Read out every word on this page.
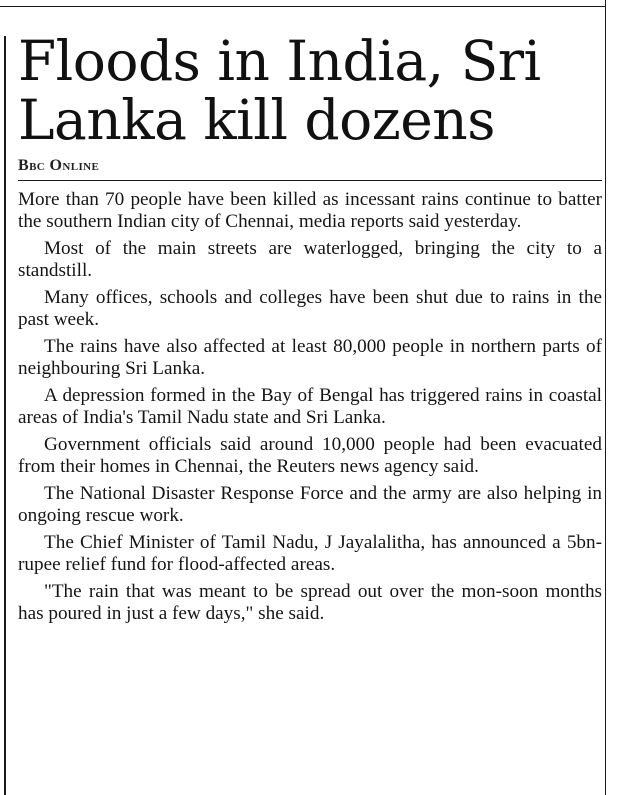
Floods in India, Sri Lanka kill dozens
Bbc Online

More than 70 people have been killed as incessant rains continue to batter the southern Indian city of Chennai, media reports said yesterday.

Most of the main streets are waterlogged, bringing the city to a standstill.

Many offices, schools and colleges have been shut due to rains in the past week.

The rains have also affected at least 80,000 people in northern parts of neighbouring Sri Lanka.

A depression formed in the Bay of Bengal has triggered rains in coastal areas of India's Tamil Nadu state and Sri Lanka.

Government officials said around 10,000 people had been evacuated from their homes in Chennai, the Reuters news agency said.

The National Disaster Response Force and the army are also helping in ongoing rescue work.

The Chief Minister of Tamil Nadu, J Jayalalitha, has announced a 5bn-rupee relief fund for flood-affected areas.

"The rain that was meant to be spread out over the mon-soon months has poured in just a few days," she said.
